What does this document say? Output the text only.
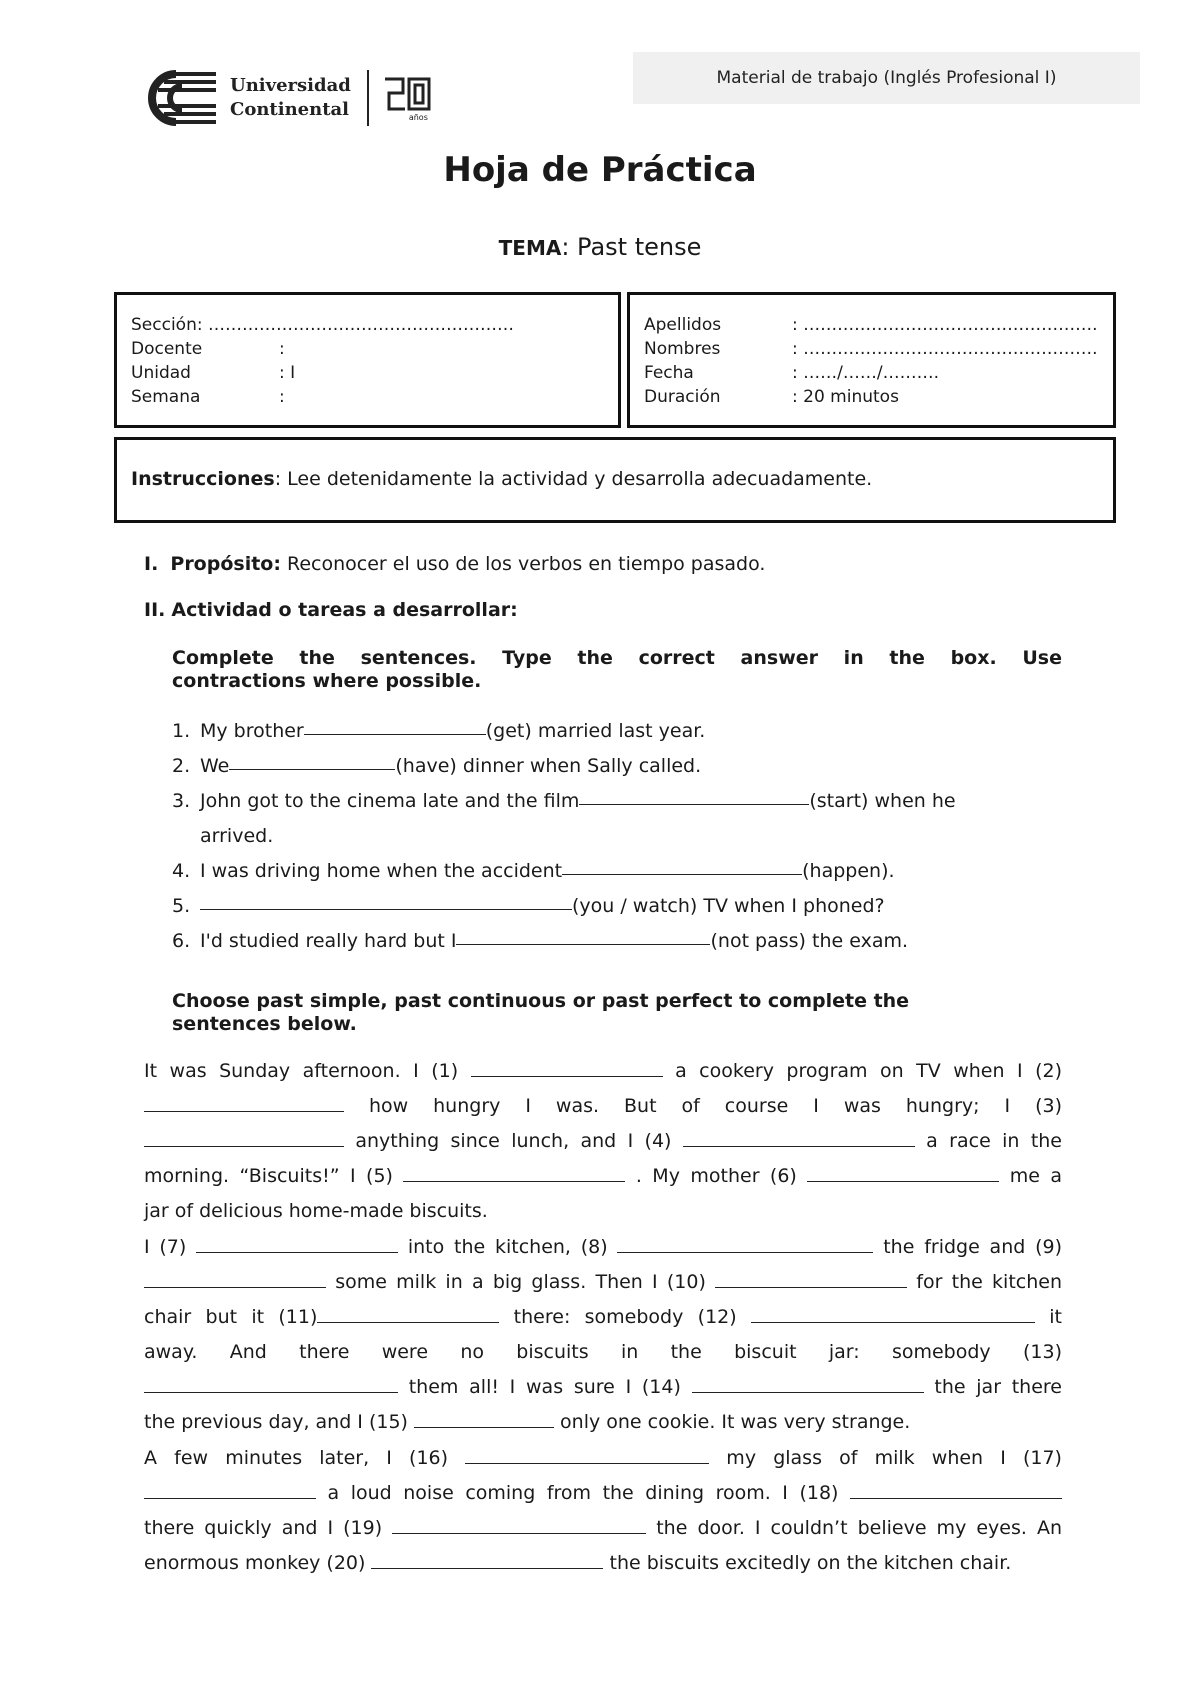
Universidad
Continental	años
Material de trabajo (Inglés Profesional I)
Hoja de Práctica
TEMA: Past tense
Sección : ………………………………………………
Docente	:
Unidad	: I
Semana	:
Apellidos	: …………………………………………….
Nombres	: …………………………………………….
Fecha	: ……/……/……….
Duración	: 20 minutos
Instrucciones: Lee detenidamente la actividad y desarrolla adecuadamente.
I. Propósito: Reconocer el uso de los verbos en tiempo pasado.
II. Actividad o tareas a desarrollar:
Complete the sentences. Type the correct answer in the box. Use
contractions where possible.
1. My brother	(get) married last year.
2. We	(have) dinner when Sally called.
3. John got to the cinema late and the film	(start) when he
arrived.
4. I was driving home when the accident	(happen).
5.	(you / watch) TV when I phoned?
6. I'd studied really hard but I	(not pass) the exam.
Choose past simple, past continuous or past perfect to complete the
sentences below.
It was Sunday afternoon. I (1)	a cookery program on TV when I (2)
how hungry I was. But of course I was hungry; I (3)
anything since lunch, and I (4)	a race in the
morning. “Biscuits!” I (5)	. My mother (6)	me a
jar of delicious home-made biscuits.
I (7)	into the kitchen, (8)	the fridge and (9)
some milk in a big glass. Then I (10)	for the kitchen
chair but it (11)	there: somebody (12)	it
away. And there were no biscuits in the biscuit jar: somebody (13)
them all! I was sure I (14)	the jar there
the previous day, and I (15)	only one cookie. It was very strange.
A few minutes later, I (16)	my glass of milk when I (17)
a loud noise coming from the dining room. I (18)
there quickly and I (19)	the door. I couldn’t believe my eyes. An
enormous monkey (20)	the biscuits excitedly on the kitchen chair.
